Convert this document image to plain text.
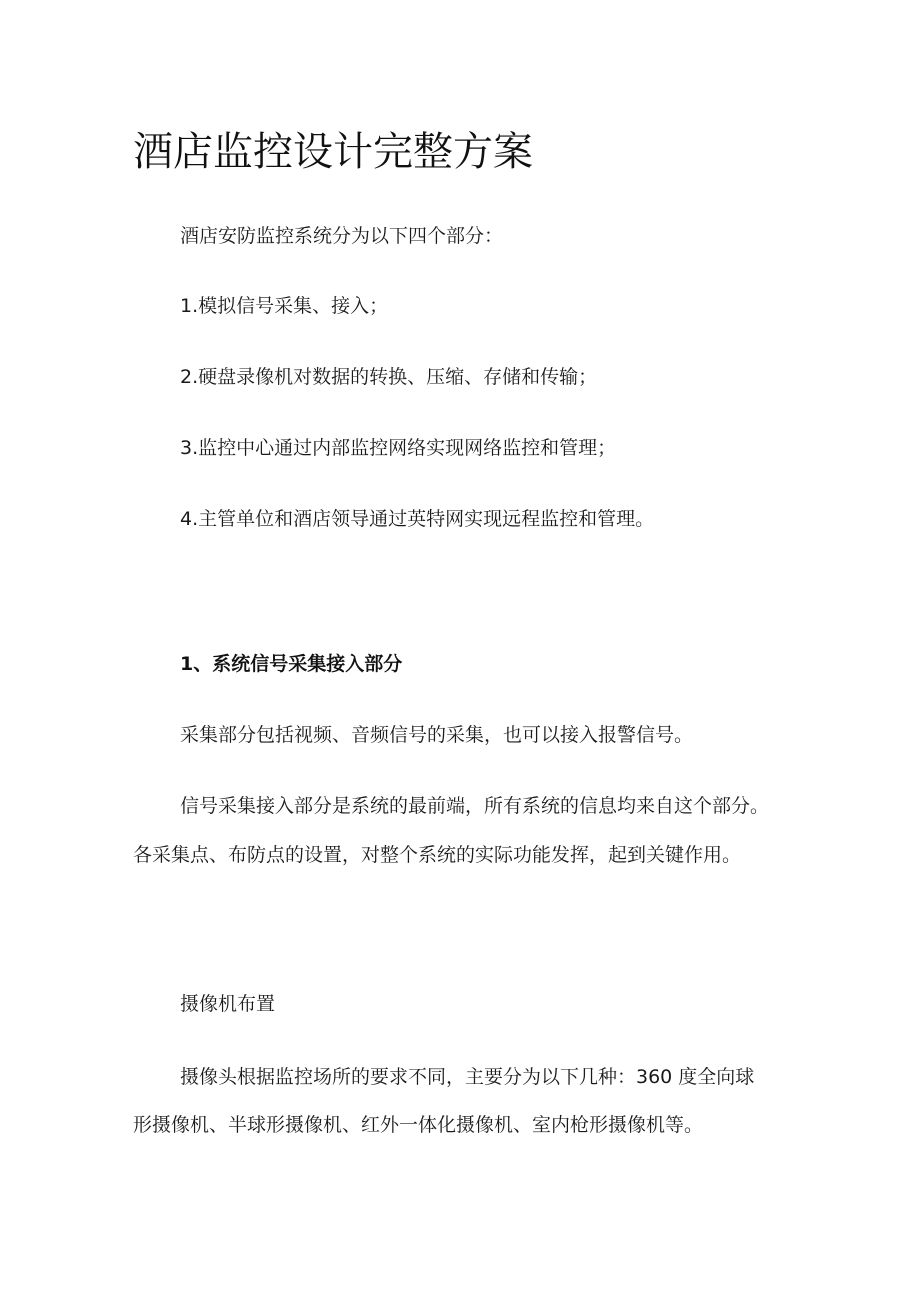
酒店监控设计完整方案

酒店安防监控系统分为以下四个部分：

1.模拟信号采集、接入；

2.硬盘录像机对数据的转换、压缩、存储和传输；

3.监控中心通过内部监控网络实现网络监控和管理；

4.主管单位和酒店领导通过英特网实现远程监控和管理。

1、系统信号采集接入部分

采集部分包括视频、音频信号的采集，也可以接入报警信号。

信号采集接入部分是系统的最前端，所有系统的信息均来自这个部分。

各采集点、布防点的设置，对整个系统的实际功能发挥，起到关键作用。

摄像机布置

摄像头根据监控场所的要求不同，主要分为以下几种：360 度全向球

形摄像机、半球形摄像机、红外一体化摄像机、室内枪形摄像机等。
